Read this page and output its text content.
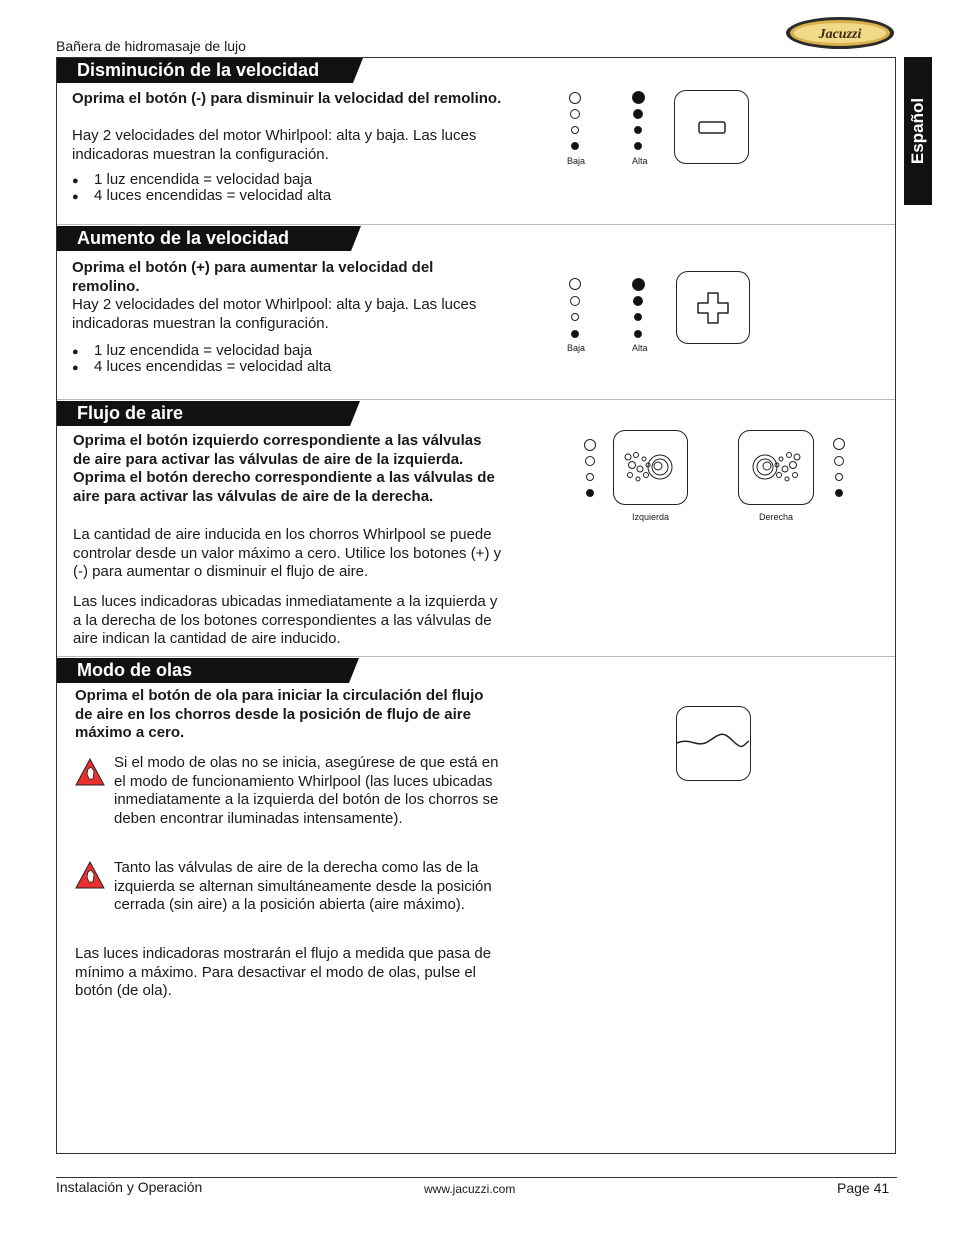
Bañera de hidromasaje de lujo
Jacuzzi
Español
Disminución de la velocidad
Oprima el botón (-) para disminuir la velocidad del remolino.
Hay 2 velocidades del motor Whirlpool: alta y baja. Las luces indicadoras muestran la configuración.
● 1 luz encendida = velocidad baja
● 4 luces encendidas = velocidad alta
Baja	Alta
Aumento de la velocidad
Oprima el botón (+) para aumentar la velocidad del remolino.
Hay 2 velocidades del motor Whirlpool: alta y baja. Las luces indicadoras muestran la configuración.
● 1 luz encendida = velocidad baja
● 4 luces encendidas = velocidad alta
Baja	Alta
Flujo de aire
Oprima el botón izquierdo correspondiente a las válvulas de aire para activar las válvulas de aire de la izquierda. Oprima el botón derecho correspondiente a las válvulas de aire para activar las válvulas de aire de la derecha.
La cantidad de aire inducida en los chorros Whirlpool se puede controlar desde un valor máximo a cero. Utilice los botones (+) y (-) para aumentar o disminuir el flujo de aire.
Las luces indicadoras ubicadas inmediatamente a la izquierda y a la derecha de los botones correspondientes a las válvulas de aire indican la cantidad de aire inducido.
Izquierda	Derecha
Modo de olas
Oprima el botón de ola para iniciar la circulación del flujo de aire en los chorros desde la posición de flujo de aire máximo a cero.
Si el modo de olas no se inicia, asegúrese de que está en el modo de funcionamiento Whirlpool (las luces ubicadas inmediatamente a la izquierda del botón de los chorros se deben encontrar iluminadas intensamente).
Tanto las válvulas de aire de la derecha como las de la izquierda se alternan simultáneamente desde la posición cerrada (sin aire) a la posición abierta (aire máximo).
Las luces indicadoras mostrarán el flujo a medida que pasa de mínimo a máximo. Para desactivar el modo de olas, pulse el botón (de ola).
Instalación y Operación	www.jacuzzi.com	Page 41
